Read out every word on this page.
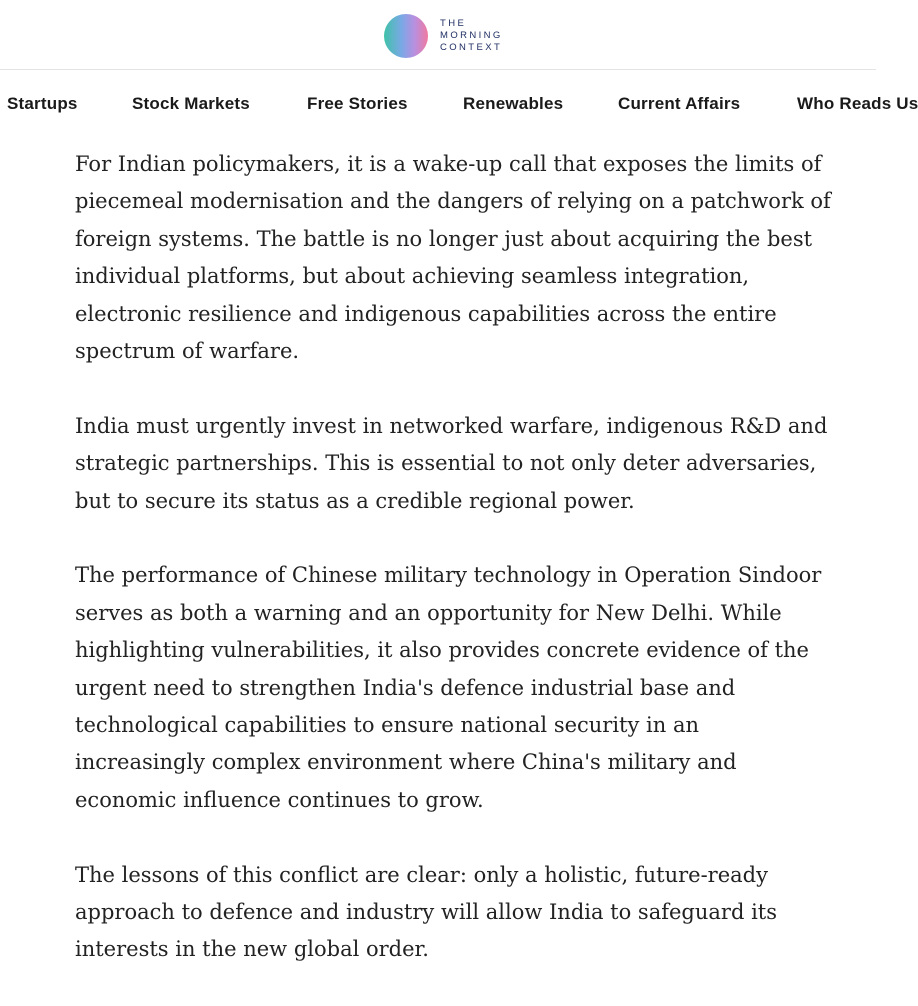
THE
MORNING
CONTEXT
Startups	Stock Markets	Free Stories	Renewables	Current Affairs	Who Reads Us

For Indian policymakers, it is a wake-up call that exposes the limits of piecemeal modernisation and the dangers of relying on a patchwork of foreign systems. The battle is no longer just about acquiring the best individual platforms, but about achieving seamless integration, electronic resilience and indigenous capabilities across the entire spectrum of warfare.

India must urgently invest in networked warfare, indigenous R&D and strategic partnerships. This is essential to not only deter adversaries, but to secure its status as a credible regional power.

The performance of Chinese military technology in Operation Sindoor serves as both a warning and an opportunity for New Delhi. While highlighting vulnerabilities, it also provides concrete evidence of the urgent need to strengthen India's defence industrial base and technological capabilities to ensure national security in an increasingly complex environment where China's military and economic influence continues to grow.

The lessons of this conflict are clear: only a holistic, future-ready approach to defence and industry will allow India to safeguard its interests in the new global order.
